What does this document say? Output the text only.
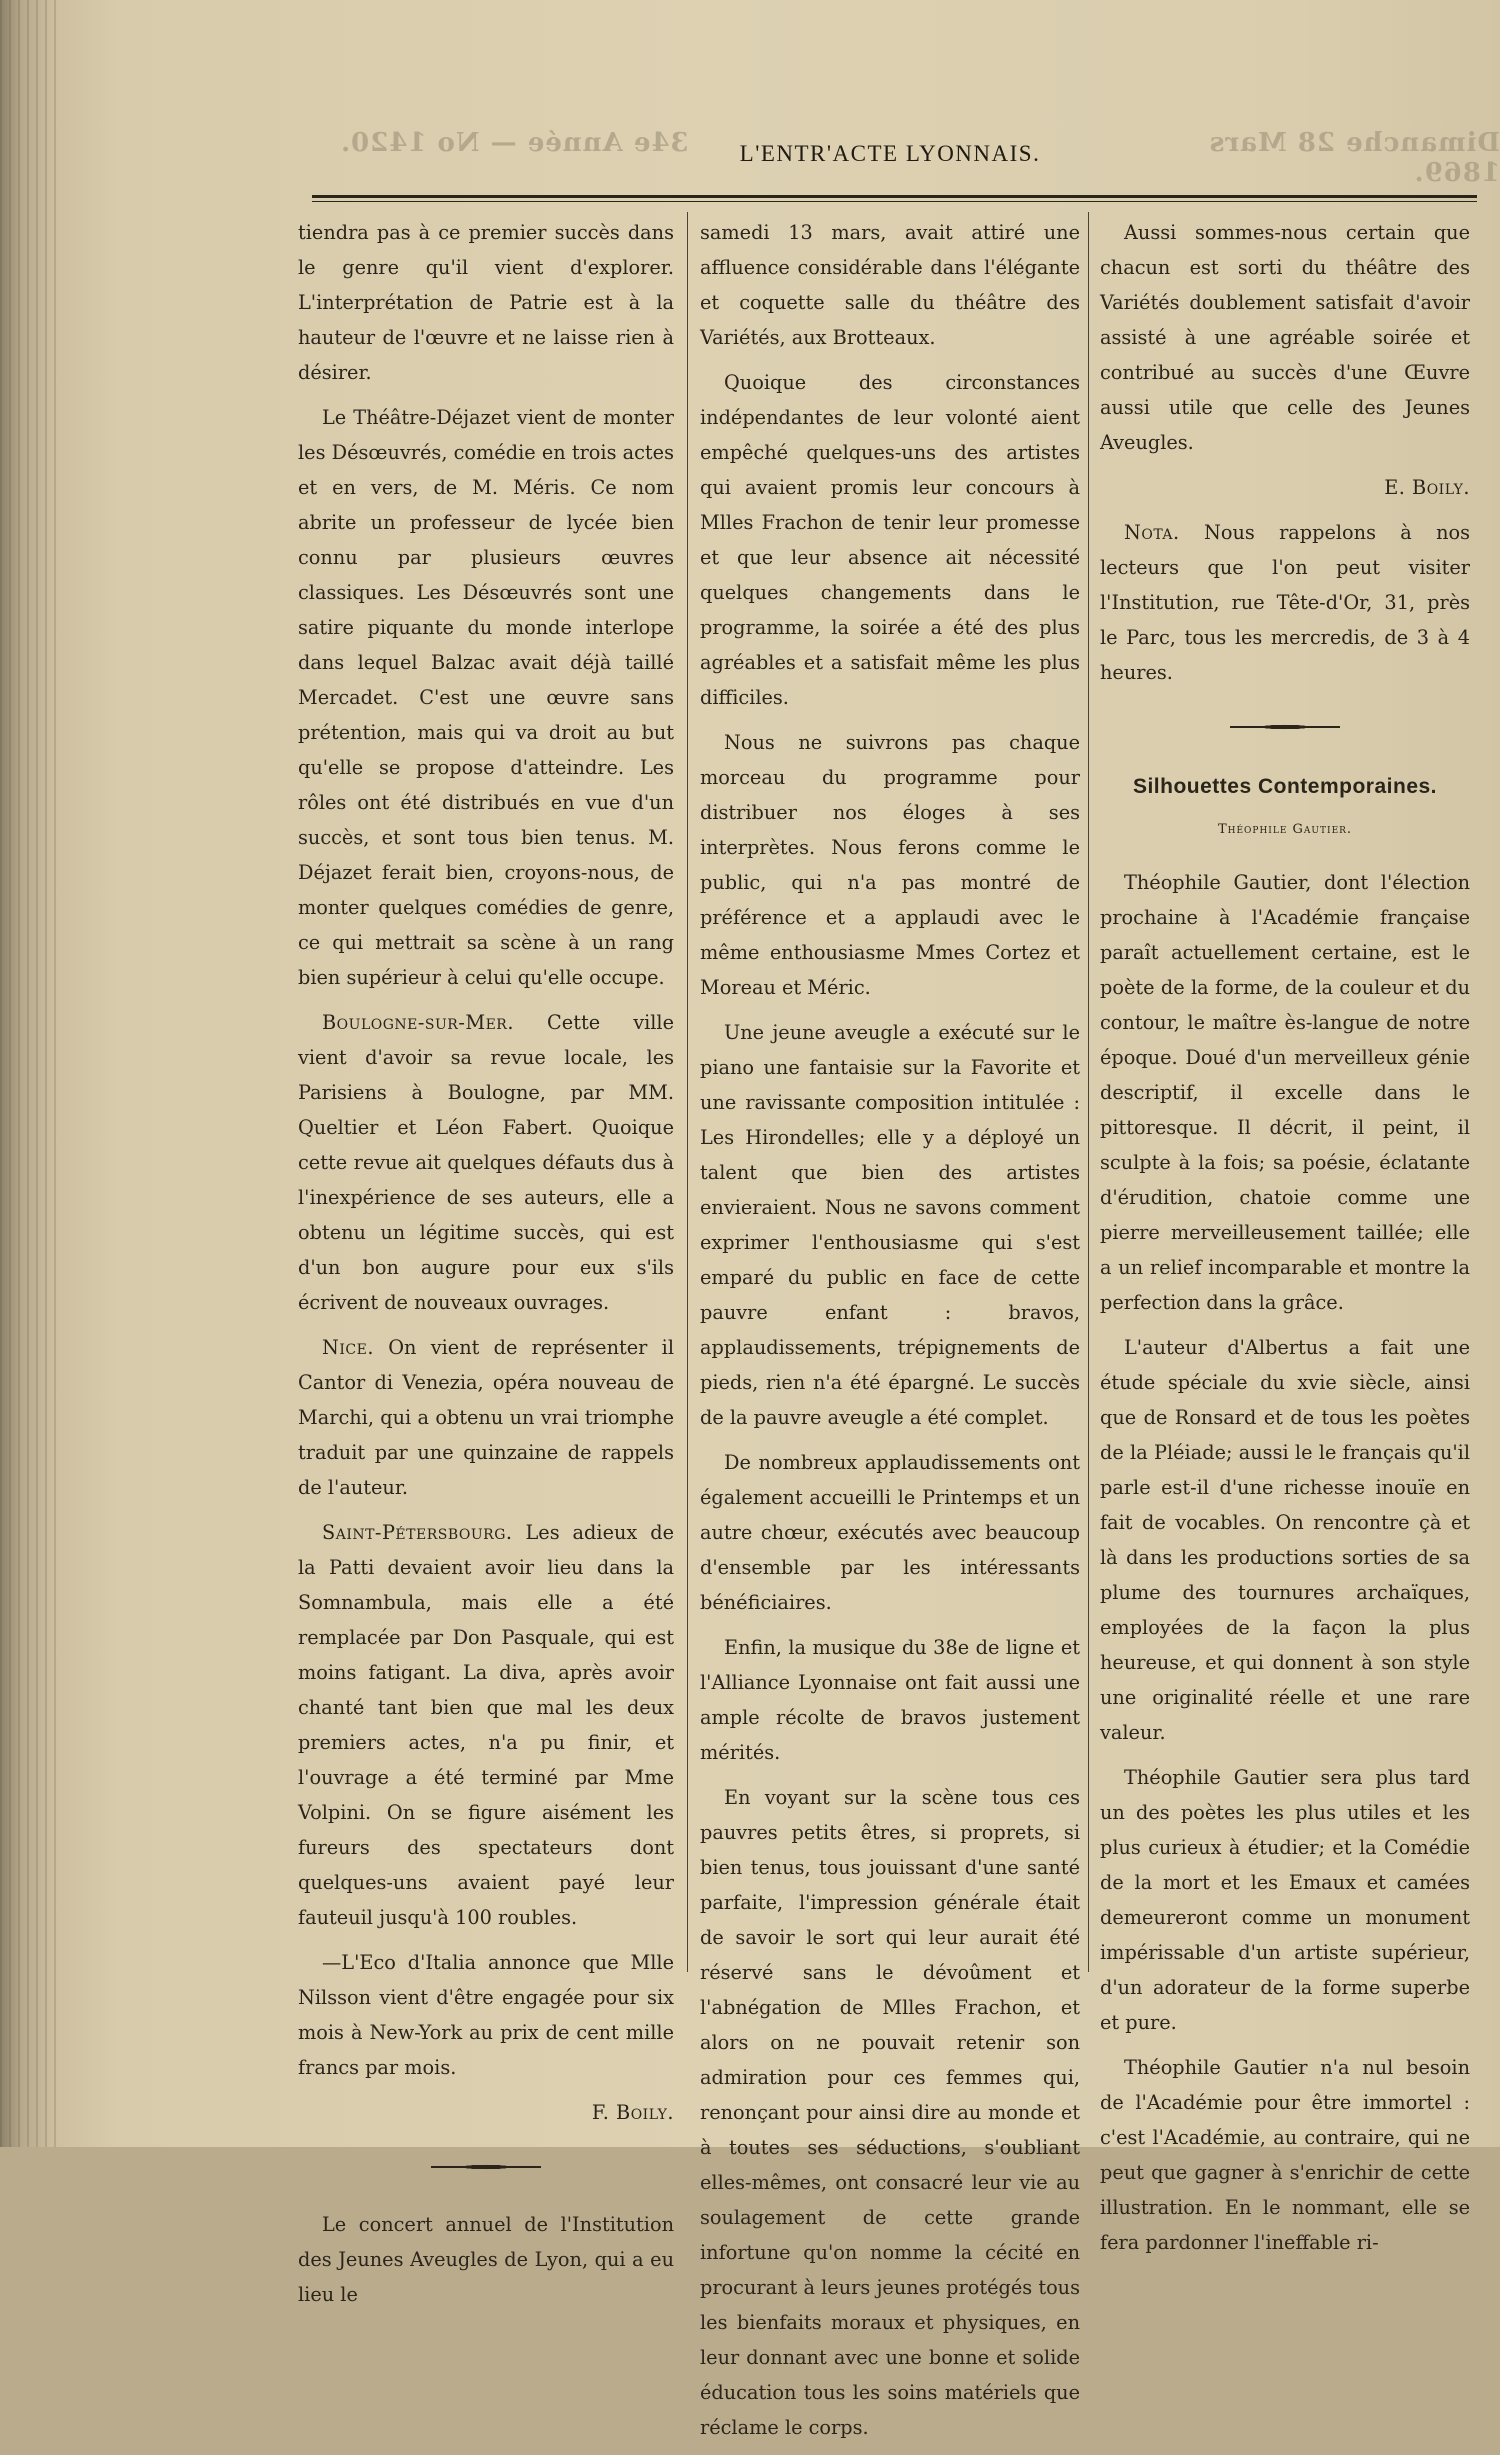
34e Année — No 1420.	Dimanche 28 Mars 1869.
L'ENTR'ACTE LYONNAIS.

tiendra pas à ce premier succès dans le genre qu'il vient d'explorer. L'interprétation de Patrie est à la hauteur de l'œuvre et ne laisse rien à désirer.

Le Théâtre-Déjazet vient de monter les Désœuvrés, comédie en trois actes et en vers, de M. Méris. Ce nom abrite un professeur de lycée bien connu par plusieurs œuvres classiques. Les Désœuvrés sont une satire piquante du monde interlope dans lequel Balzac avait déjà taillé Mercadet. C'est une œuvre sans prétention, mais qui va droit au but qu'elle se propose d'atteindre. Les rôles ont été distribués en vue d'un succès, et sont tous bien tenus. M. Déjazet ferait bien, croyons-nous, de monter quelques comédies de genre, ce qui mettrait sa scène à un rang bien supérieur à celui qu'elle occupe.

Boulogne-sur-Mer. Cette ville vient d'avoir sa revue locale, les Parisiens à Boulogne, par MM. Queltier et Léon Fabert. Quoique cette revue ait quelques défauts dus à l'inexpérience de ses auteurs, elle a obtenu un légitime succès, qui est d'un bon augure pour eux s'ils écrivent de nouveaux ouvrages.

Nice. On vient de représenter il Cantor di Venezia, opéra nouveau de Marchi, qui a obtenu un vrai triomphe traduit par une quinzaine de rappels de l'auteur.

Saint-Pétersbourg. Les adieux de la Patti devaient avoir lieu dans la Somnambula, mais elle a été remplacée par Don Pasquale, qui est moins fatigant. La diva, après avoir chanté tant bien que mal les deux premiers actes, n'a pu finir, et l'ouvrage a été terminé par Mme Volpini. On se figure aisément les fureurs des spectateurs dont quelques-uns avaient payé leur fauteuil jusqu'à 100 roubles.

—L'Eco d'Italia annonce que Mlle Nilsson vient d'être engagée pour six mois à New-York au prix de cent mille francs par mois.

F. Boily.

Le concert annuel de l'Institution des Jeunes Aveugles de Lyon, qui a eu lieu le

samedi 13 mars, avait attiré une affluence considérable dans l'élégante et coquette salle du théâtre des Variétés, aux Brotteaux.

Quoique des circonstances indépendantes de leur volonté aient empêché quelques-uns des artistes qui avaient promis leur concours à Mlles Frachon de tenir leur promesse et que leur absence ait nécessité quelques changements dans le programme, la soirée a été des plus agréables et a satisfait même les plus difficiles.

Nous ne suivrons pas chaque morceau du programme pour distribuer nos éloges à ses interprètes. Nous ferons comme le public, qui n'a pas montré de préférence et a applaudi avec le même enthousiasme Mmes Cortez et Moreau et Méric.

Une jeune aveugle a exécuté sur le piano une fantaisie sur la Favorite et une ravissante composition intitulée : Les Hirondelles; elle y a déployé un talent que bien des artistes envieraient. Nous ne savons comment exprimer l'enthousiasme qui s'est emparé du public en face de cette pauvre enfant : bravos, applaudissements, trépignements de pieds, rien n'a été épargné. Le succès de la pauvre aveugle a été complet.

De nombreux applaudissements ont également accueilli le Printemps et un autre chœur, exécutés avec beaucoup d'ensemble par les intéressants bénéficiaires.

Enfin, la musique du 38e de ligne et l'Alliance Lyonnaise ont fait aussi une ample récolte de bravos justement mérités.

En voyant sur la scène tous ces pauvres petits êtres, si proprets, si bien tenus, tous jouissant d'une santé parfaite, l'impression générale était de savoir le sort qui leur aurait été réservé sans le dévoûment et l'abnégation de Mlles Frachon, et alors on ne pouvait retenir son admiration pour ces femmes qui, renonçant pour ainsi dire au monde et à toutes ses séductions, s'oubliant elles-mêmes, ont consacré leur vie au soulagement de cette grande infortune qu'on nomme la cécité en procurant à leurs jeunes protégés tous les bienfaits moraux et physiques, en leur donnant avec une bonne et solide éducation tous les soins matériels que réclame le corps.

Aussi sommes-nous certain que chacun est sorti du théâtre des Variétés doublement satisfait d'avoir assisté à une agréable soirée et contribué au succès d'une Œuvre aussi utile que celle des Jeunes Aveugles.

E. Boily.

Nota. Nous rappelons à nos lecteurs que l'on peut visiter l'Institution, rue Tête-d'Or, 31, près le Parc, tous les mercredis, de 3 à 4 heures.

Silhouettes Contemporaines.
Théophile Gautier.

Théophile Gautier, dont l'élection prochaine à l'Académie française paraît actuellement certaine, est le poète de la forme, de la couleur et du contour, le maître ès-langue de notre époque. Doué d'un merveilleux génie descriptif, il excelle dans le pittoresque. Il décrit, il peint, il sculpte à la fois; sa poésie, éclatante d'érudition, chatoie comme une pierre merveilleusement taillée; elle a un relief incomparable et montre la perfection dans la grâce.

L'auteur d'Albertus a fait une étude spéciale du xvie siècle, ainsi que de Ronsard et de tous les poètes de la Pléiade; aussi le le français qu'il parle est-il d'une richesse inouïe en fait de vocables. On rencontre çà et là dans les productions sorties de sa plume des tournures archaïques, employées de la façon la plus heureuse, et qui donnent à son style une originalité réelle et une rare valeur.

Théophile Gautier sera plus tard un des poètes les plus utiles et les plus curieux à étudier; et la Comédie de la mort et les Emaux et camées demeureront comme un monument impérissable d'un artiste supérieur, d'un adorateur de la forme superbe et pure.

Théophile Gautier n'a nul besoin de l'Académie pour être immortel : c'est l'Académie, au contraire, qui ne peut que gagner à s'enrichir de cette illustration. En le nommant, elle se fera pardonner l'ineffable ri-
